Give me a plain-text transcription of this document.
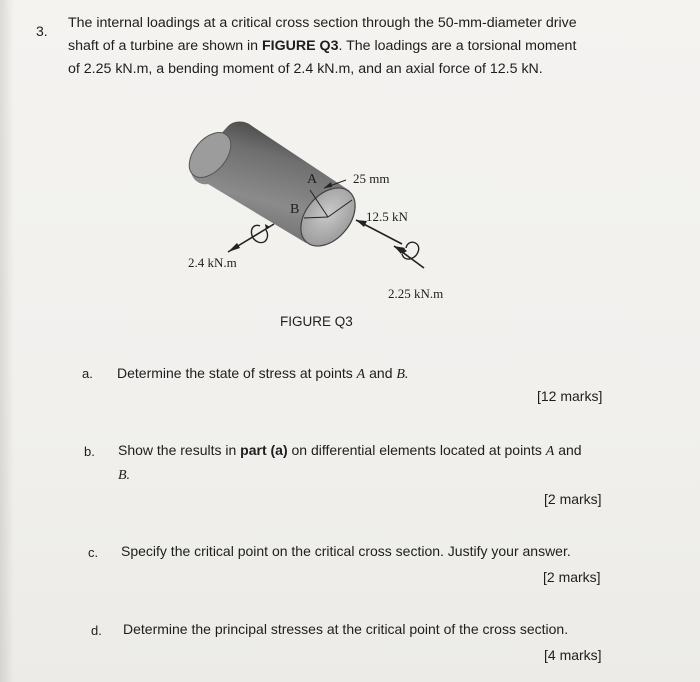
3. The internal loadings at a critical cross section through the 50-mm-diameter drive
shaft of a turbine are shown in FIGURE Q3. The loadings are a torsional moment
of 2.25 kN.m, a bending moment of 2.4 kN.m, and an axial force of 12.5 kN.
A
B
25 mm
12.5 kN
2.4 kN.m
2.25 kN.m
FIGURE Q3
a. Determine the state of stress at points A and B.
[12 marks]
b. Show the results in part (a) on differential elements located at points A and
B.
[2 marks]
c. Specify the critical point on the critical cross section. Justify your answer.
[2 marks]
d. Determine the principal stresses at the critical point of the cross section.
[4 marks]
